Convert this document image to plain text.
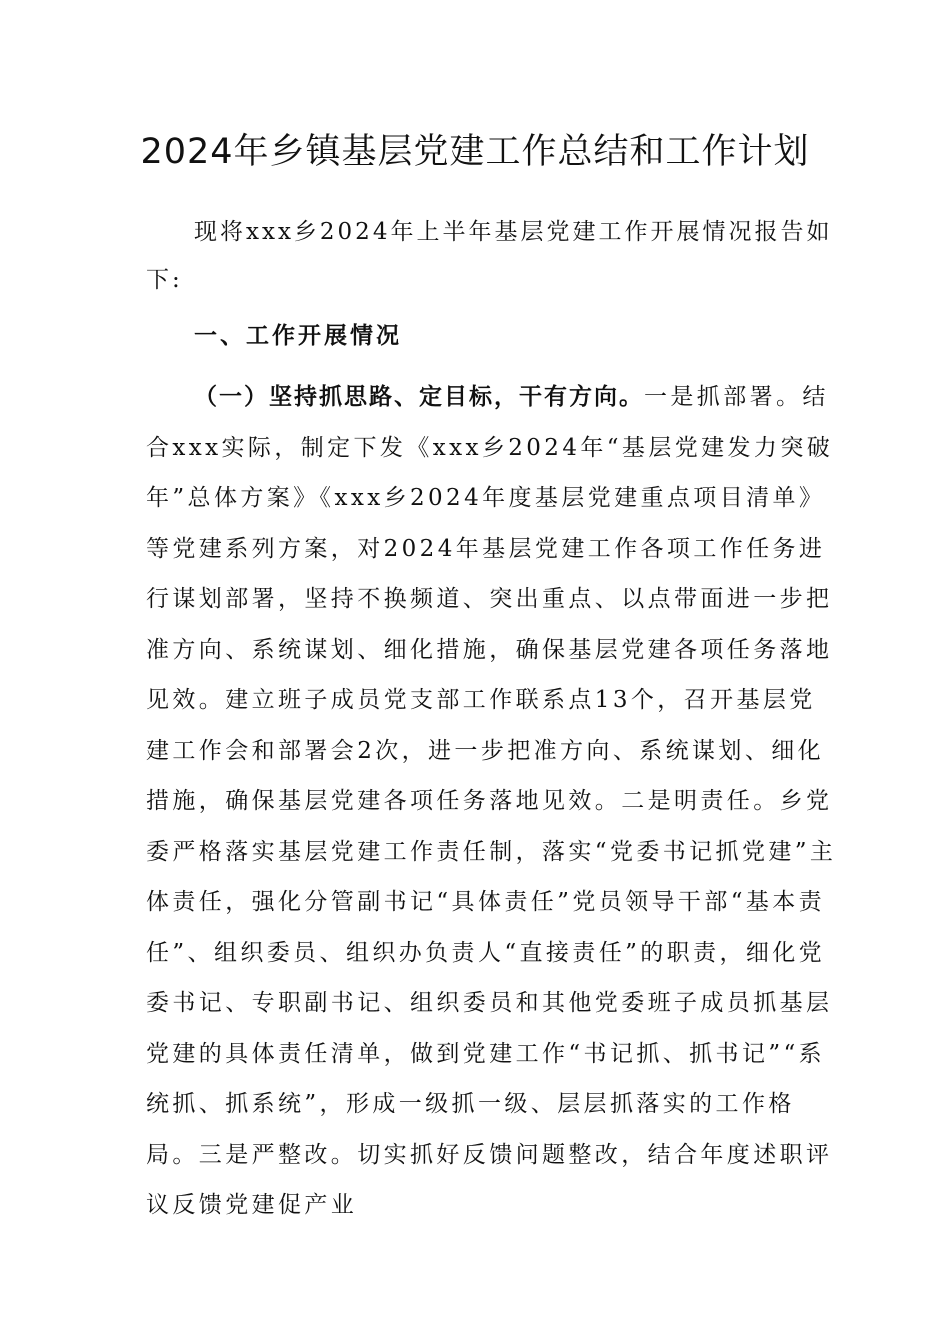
2024年乡镇基层党建工作总结和工作计划

现将xxx乡2024年上半年基层党建工作开展情况报告如下:

一、工作开展情况

（一）坚持抓思路、定目标，干有方向。一是抓部署。结合xxx实际，制定下发《xxx乡2024年“基层党建发力突破年”总体方案》《xxx乡2024年度基层党建重点项目清单》等党建系列方案，对2024年基层党建工作各项工作任务进行谋划部署，坚持不换频道、突出重点、以点带面进一步把准方向、系统谋划、细化措施，确保基层党建各项任务落地见效。建立班子成员党支部工作联系点13个，召开基层党建工作会和部署会2次，进一步把准方向、系统谋划、细化措施，确保基层党建各项任务落地见效。二是明责任。乡党委严格落实基层党建工作责任制，落实“党委书记抓党建”主体责任，强化分管副书记“具体责任”党员领导干部“基本责任”、组织委员、组织办负责人“直接责任”的职责，细化党委书记、专职副书记、组织委员和其他党委班子成员抓基层党建的具体责任清单，做到党建工作“书记抓、抓书记”“系统抓、抓系统”，形成一级抓一级、层层抓落实的工作格局。三是严整改。切实抓好反馈问题整改，结合年度述职评议反馈党建促产业
